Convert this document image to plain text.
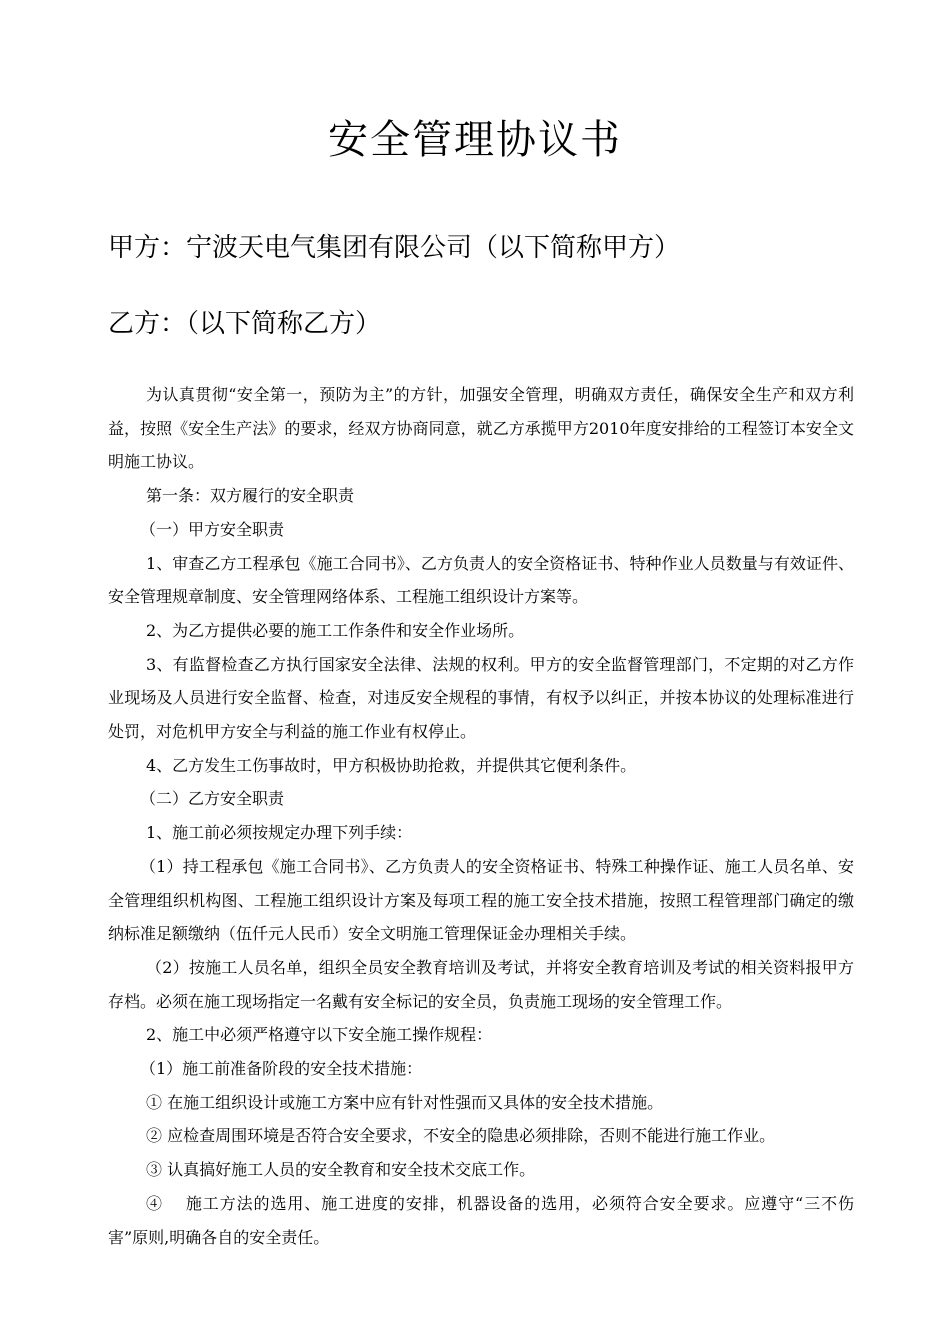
安全管理协议书
甲方：宁波天电气集团有限公司（以下简称甲方）
乙方：（以下简称乙方）

为认真贯彻“安全第一，预防为主”的方针，加强安全管理，明确双方责任，确保安全生产和双方利益，按照《安全生产法》的要求，经双方协商同意，就乙方承揽甲方2010年度安排给的工程签订本安全文明施工协议。

第一条：双方履行的安全职责

（一）甲方安全职责

1、审查乙方工程承包《施工合同书》、乙方负责人的安全资格证书、特种作业人员数量与有效证件、安全管理规章制度、安全管理网络体系、工程施工组织设计方案等。

2、为乙方提供必要的施工工作条件和安全作业场所。

3、有监督检查乙方执行国家安全法律、法规的权利。甲方的安全监督管理部门，不定期的对乙方作业现场及人员进行安全监督、检查，对违反安全规程的事情，有权予以纠正，并按本协议的处理标准进行处罚，对危机甲方安全与利益的施工作业有权停止。

4、乙方发生工伤事故时，甲方积极协助抢救，并提供其它便利条件。

（二）乙方安全职责

1、施工前必须按规定办理下列手续：

（1）持工程承包《施工合同书》、乙方负责人的安全资格证书、特殊工种操作证、施工人员名单、安全管理组织机构图、工程施工组织设计方案及每项工程的施工安全技术措施，按照工程管理部门确定的缴纳标准足额缴纳（伍仟元人民币）安全文明施工管理保证金办理相关手续。

（2）按施工人员名单，组织全员安全教育培训及考试，并将安全教育培训及考试的相关资料报甲方存档。必须在施工现场指定一名戴有安全标记的安全员，负责施工现场的安全管理工作。

2、施工中必须严格遵守以下安全施工操作规程：

（1）施工前准备阶段的安全技术措施：

① 在施工组织设计或施工方案中应有针对性强而又具体的安全技术措施。

② 应检查周围环境是否符合安全要求，不安全的隐患必须排除，否则不能进行施工作业。

③ 认真搞好施工人员的安全教育和安全技术交底工作。

④　 施工方法的选用、施工进度的安排，机器设备的选用，必须符合安全要求。应遵守“三不伤害”原则,明确各自的安全责任。
